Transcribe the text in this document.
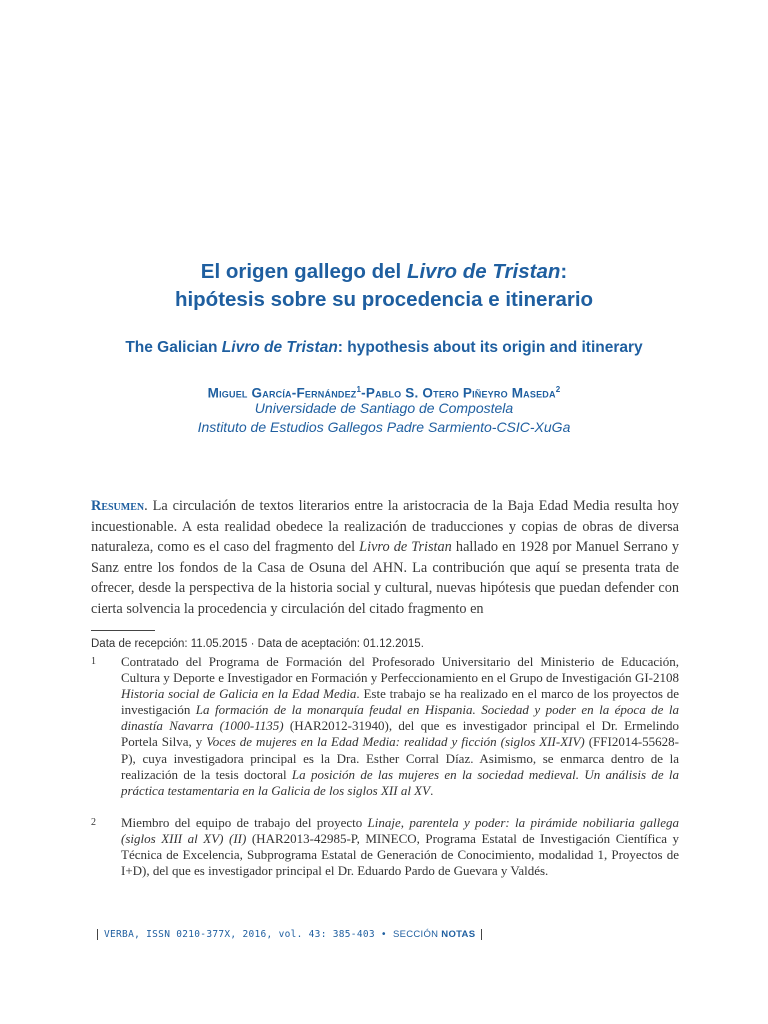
El origen gallego del Livro de Tristan:
hipótesis sobre su procedencia e itinerario
The Galician Livro de Tristan: hypothesis about its origin and itinerary
Miguel García-Fernández$^1$-Pablo S. Otero Piñeyro Maseda$^2$
Universidade de Santiago de Compostela
Instituto de Estudios Gallegos Padre Sarmiento-CSIC-XuGa
Resumen. La circulación de textos literarios entre la aristocracia de la Baja Edad Media resulta hoy incuestionable. A esta realidad obedece la realización de traducciones y copias de obras de diversa naturaleza, como es el caso del fragmento del Livro de Tristan hallado en 1928 por Manuel Serrano y Sanz entre los fondos de la Casa de Osuna del AHN. La contribución que aquí se presenta trata de ofrecer, desde la perspectiva de la historia social y cultural, nuevas hipótesis que puedan defender con cierta solvencia la procedencia y circulación del citado fragmento en
Data de recepción: 11.05.2015 · Data de aceptación: 01.12.2015.
1 Contratado del Programa de Formación del Profesorado Universitario del Ministerio de Educación, Cultura y Deporte e Investigador en Formación y Perfeccionamiento en el Grupo de Investigación GI-2108 Historia social de Galicia en la Edad Media. Este trabajo se ha realizado en el marco de los proyectos de investigación La formación de la monarquía feudal en Hispania. Sociedad y poder en la época de la dinastía Navarra (1000-1135) (HAR2012-31940), del que es investigador principal el Dr. Ermelindo Portela Silva, y Voces de mujeres en la Edad Media: realidad y ficción (siglos XII-XIV) (FFI2014-55628-P), cuya investigadora principal es la Dra. Esther Corral Díaz. Asimismo, se enmarca dentro de la realización de la tesis doctoral La posición de las mujeres en la sociedad medieval. Un análisis de la práctica testamentaria en la Galicia de los siglos XII al XV.
2 Miembro del equipo de trabajo del proyecto Linaje, parentela y poder: la pirámide nobiliaria gallega (siglos XIII al XV) (II) (HAR2013-42985-P, MINECO, Programa Estatal de Investigación Científica y Técnica de Excelencia, Subprograma Estatal de Generación de Conocimiento, modalidad 1, Proyectos de I+D), del que es investigador principal el Dr. Eduardo Pardo de Guevara y Valdés.
VERBA, ISSN 0210-377X, 2016, vol. 43: 385-403 • SECCIÓN NOTAS
